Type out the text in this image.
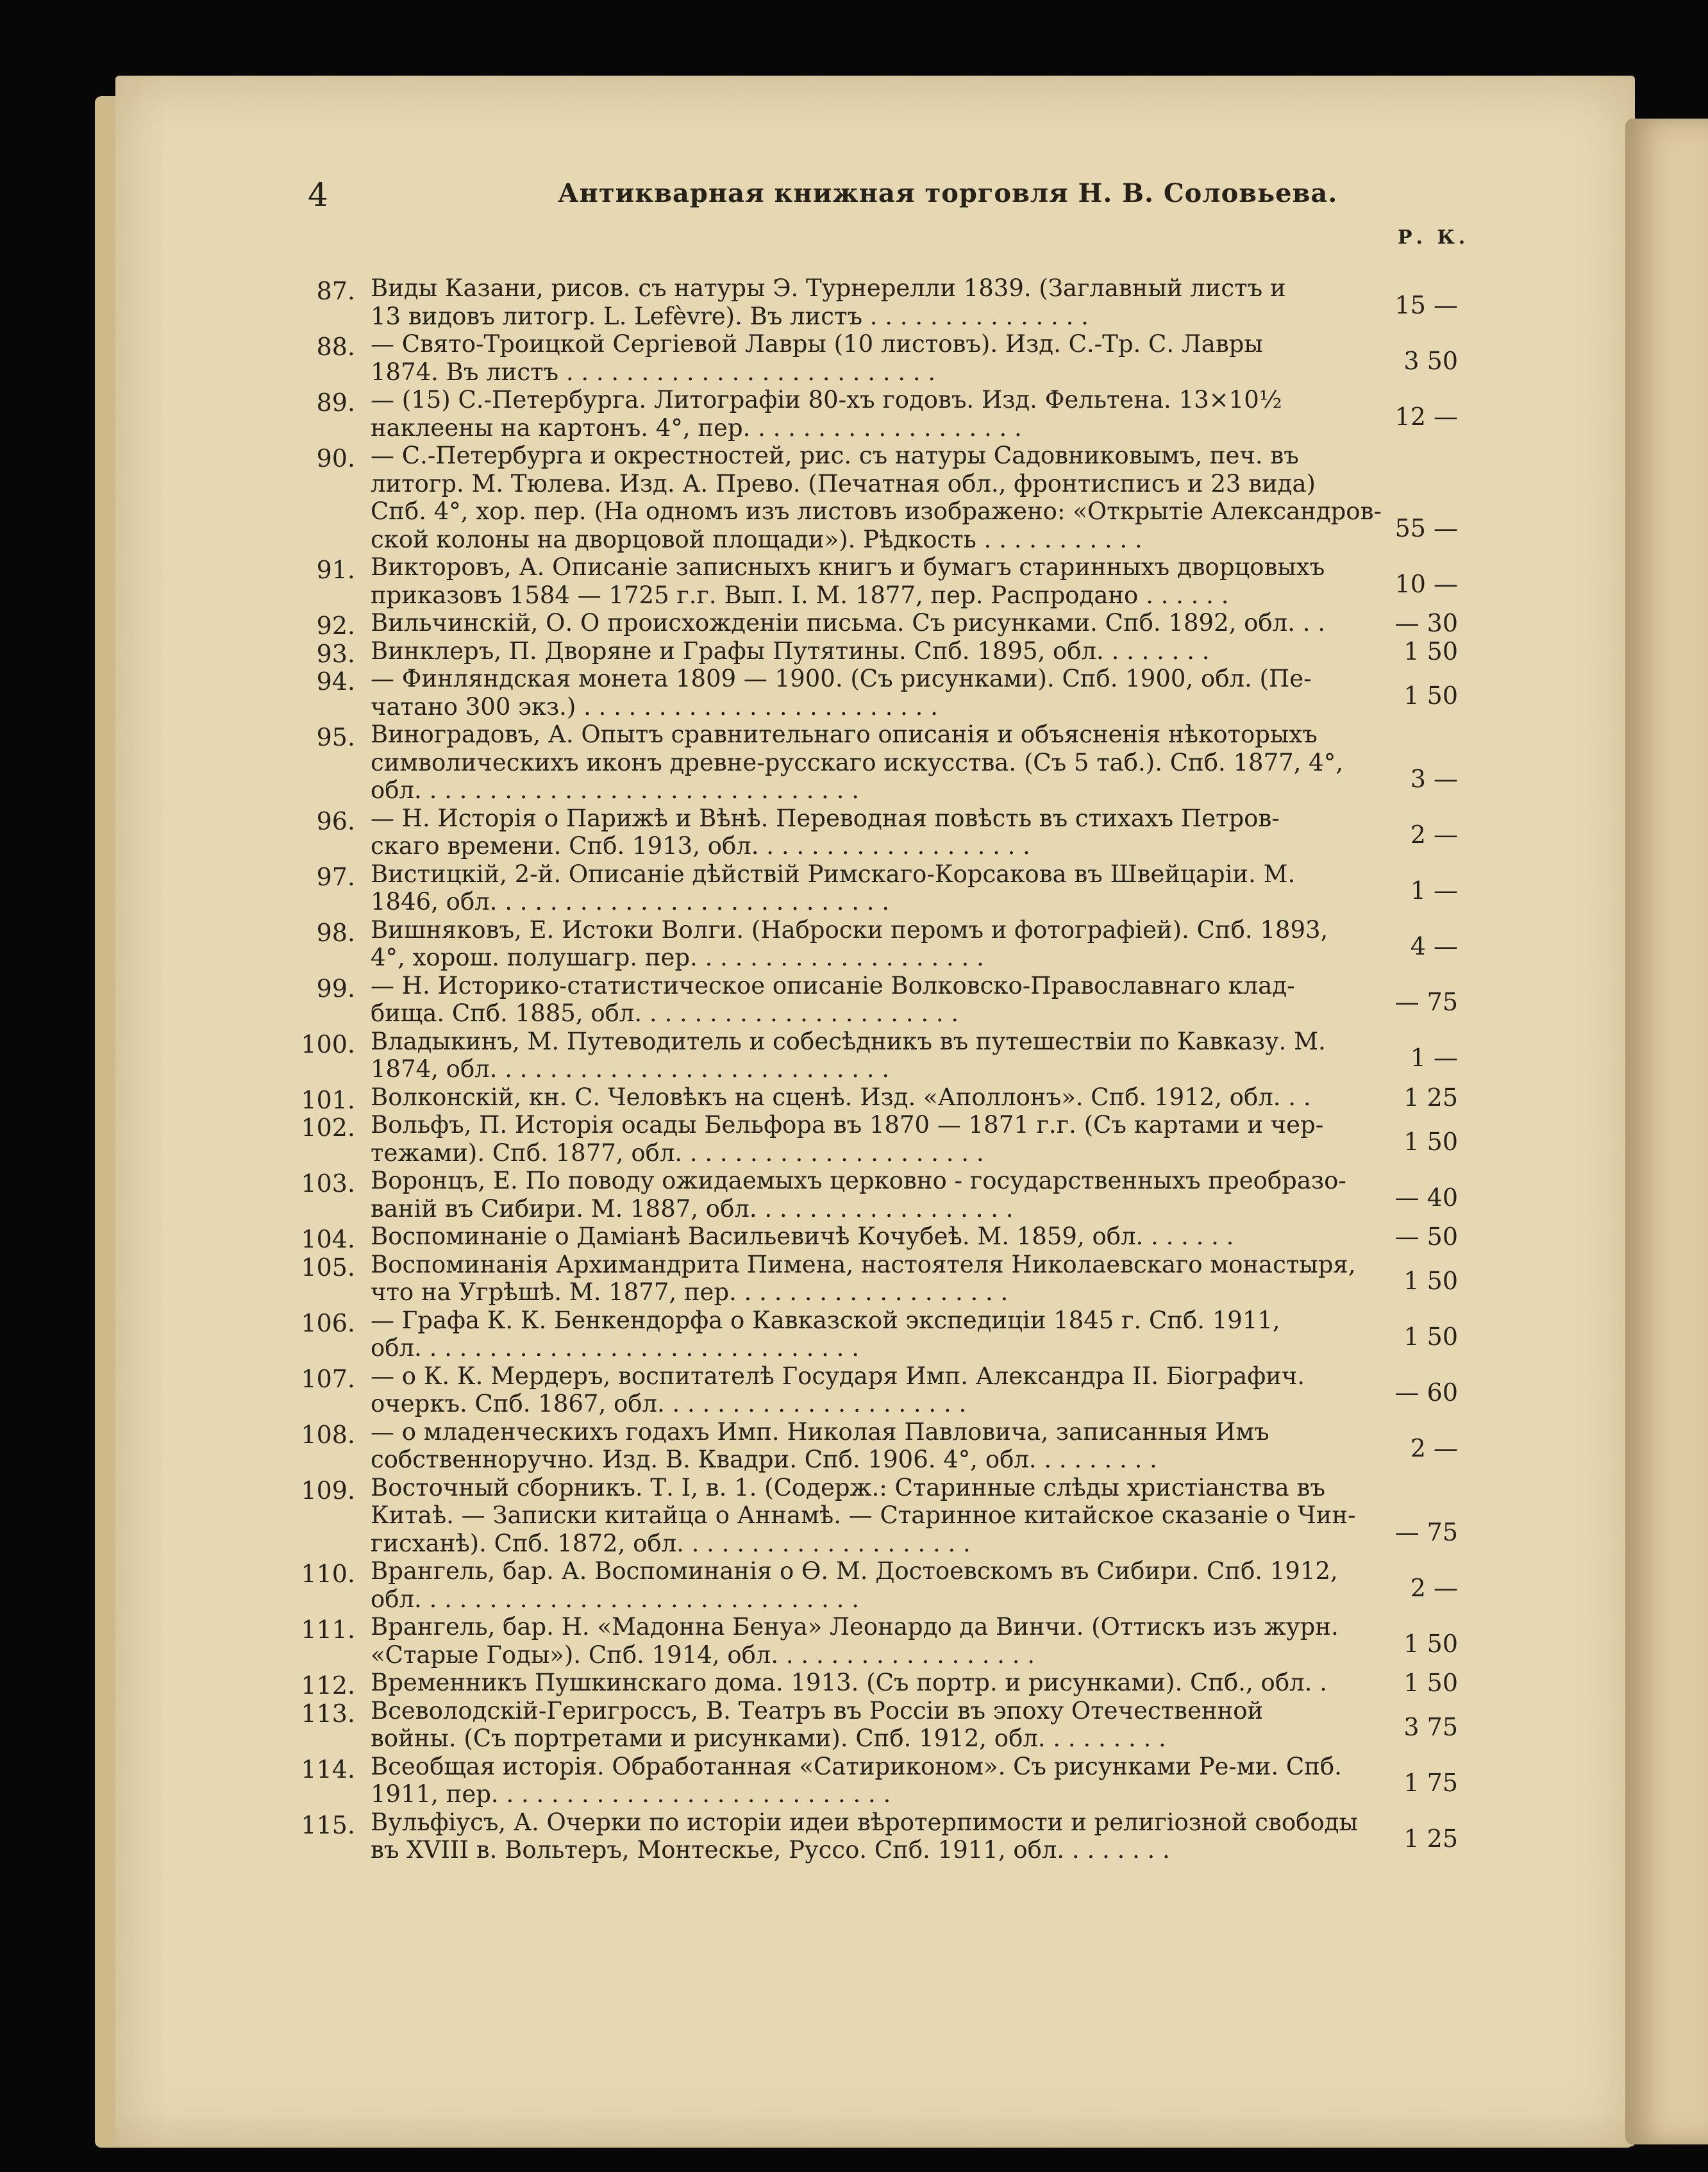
4	Антикварная книжная торговля Н. В. Соловьева.
Р. К.
87. Виды Казани, рисов. съ натуры Э. Турнерелли 1839. (Заглавный листъ и
13 видовъ литогр. L. Lefèvre). Въ листъ . . . . . . . . . . . . . . .	15 —
88. — Свято-Троицкой Сергіевой Лавры (10 листовъ). Изд. С.-Тр. С. Лавры
1874. Въ листъ . . . . . . . . . . . . . . . . . . . . . . . . .	3 50
89. — (15) С.-Петербурга. Литографіи 80-хъ годовъ. Изд. Фельтена. 13×10½
наклеены на картонъ. 4°, пер. . . . . . . . . . . . . . . . . . .	12 —
90. — С.-Петербурга и окрестностей, рис. съ натуры Садовниковымъ, печ. въ
литогр. М. Тюлева. Изд. А. Прево. (Печатная обл., фронтисписъ и 23 вида)
Спб. 4°, хор. пер. (На одномъ изъ листовъ изображено: «Открытіе Александров-
ской колоны на дворцовой площади»). Рѣдкость . . . . . . . . . . .	55 —
91. Викторовъ, А. Описаніе записныхъ книгъ и бумагъ старинныхъ дворцовыхъ
приказовъ 1584 — 1725 г.г. Вып. I. М. 1877, пер. Распродано . . . . . .	10 —
92. Вильчинскій, О. О происхожденіи письма. Съ рисунками. Спб. 1892, обл. . .	— 30
93. Винклеръ, П. Дворяне и Графы Путятины. Спб. 1895, обл. . . . . . . .	1 50
94. — Финляндская монета 1809 — 1900. (Съ рисунками). Спб. 1900, обл. (Пе-
чатано 300 экз.) . . . . . . . . . . . . . . . . . . . . . . . .	1 50
95. Виноградовъ, А. Опытъ сравнительнаго описанія и объясненія нѣкоторыхъ
символическихъ иконъ древне-русскаго искусства. (Съ 5 таб.). Спб. 1877, 4°,
обл. . . . . . . . . . . . . . . . . . . . . . . . . . . . . .	3 —
96. — Н. Исторія о Парижѣ и Вѣнѣ. Переводная повѣсть въ стихахъ Петров-
скаго времени. Спб. 1913, обл. . . . . . . . . . . . . . . . . . .	2 —
97. Вистицкій, 2-й. Описаніе дѣйствій Римскаго-Корсакова въ Швейцаріи. М.
1846, обл. . . . . . . . . . . . . . . . . . . . . . . . . . .	1 —
98. Вишняковъ, Е. Истоки Волги. (Наброски перомъ и фотографіей). Спб. 1893,
4°, хорош. полушагр. пер. . . . . . . . . . . . . . . . . . . .	4 —
99. — Н. Историко-статистическое описаніе Волковско-Православнаго клад-
бища. Спб. 1885, обл. . . . . . . . . . . . . . . . . . . . . .	— 75
100. Владыкинъ, М. Путеводитель и собесѣдникъ въ путешествіи по Кавказу. М.
1874, обл. . . . . . . . . . . . . . . . . . . . . . . . . . .	1 —
101. Волконскій, кн. С. Человѣкъ на сценѣ. Изд. «Аполлонъ». Спб. 1912, обл. . .	1 25
102. Вольфъ, П. Исторія осады Бельфора въ 1870 — 1871 г.г. (Съ картами и чер-
тежами). Спб. 1877, обл. . . . . . . . . . . . . . . . . . . . .	1 50
103. Воронцъ, Е. По поводу ожидаемыхъ церковно - государственныхъ преобразо-
ваній въ Сибири. М. 1887, обл. . . . . . . . . . . . . . . . . .	— 40
104. Воспоминаніе о Даміанѣ Васильевичѣ Кочубеѣ. М. 1859, обл. . . . . . .	— 50
105. Воспоминанія Архимандрита Пимена, настоятеля Николаевскаго монастыря,
что на Угрѣшѣ. М. 1877, пер. . . . . . . . . . . . . . . . . . .	1 50
106. — Графа К. К. Бенкендорфа о Кавказской экспедиціи 1845 г. Спб. 1911,
обл. . . . . . . . . . . . . . . . . . . . . . . . . . . . . .	1 50
107. — о К. К. Мердеръ, воспитателѣ Государя Имп. Александра II. Біографич.
очеркъ. Спб. 1867, обл. . . . . . . . . . . . . . . . . . . . .	— 60
108. — о младенческихъ годахъ Имп. Николая Павловича, записанныя Имъ
собственноручно. Изд. В. Квадри. Спб. 1906. 4°, обл. . . . . . . . .	2 —
109. Восточный сборникъ. Т. I, в. 1. (Содерж.: Старинные слѣды христіанства въ
Китаѣ. — Записки китайца о Аннамѣ. — Старинное китайское сказаніе о Чин-
гисханѣ). Спб. 1872, обл. . . . . . . . . . . . . . . . . . . .	— 75
110. Врангель, бар. А. Воспоминанія о Ѳ. М. Достоевскомъ въ Сибири. Спб. 1912,
обл. . . . . . . . . . . . . . . . . . . . . . . . . . . . . .	2 —
111. Врангель, бар. Н. «Мадонна Бенуа» Леонардо да Винчи. (Оттискъ изъ журн.
«Старые Годы»). Спб. 1914, обл. . . . . . . . . . . . . . . . . .	1 50
112. Временникъ Пушкинскаго дома. 1913. (Съ портр. и рисунками). Спб., обл. .	1 50
113. Всеволодскій-Геригроссъ, В. Театръ въ Россіи въ эпоху Отечественной
войны. (Съ портретами и рисунками). Спб. 1912, обл. . . . . . . . .	3 75
114. Всеобщая исторія. Обработанная «Сатириконом». Съ рисунками Ре-ми. Спб.
1911, пер. . . . . . . . . . . . . . . . . . . . . . . . . . .	1 75
115. Вульфіусъ, А. Очерки по исторіи идеи вѣротерпимости и религіозной свободы
въ XVIII в. Вольтеръ, Монтескье, Руссо. Спб. 1911, обл. . . . . . . .	1 25
